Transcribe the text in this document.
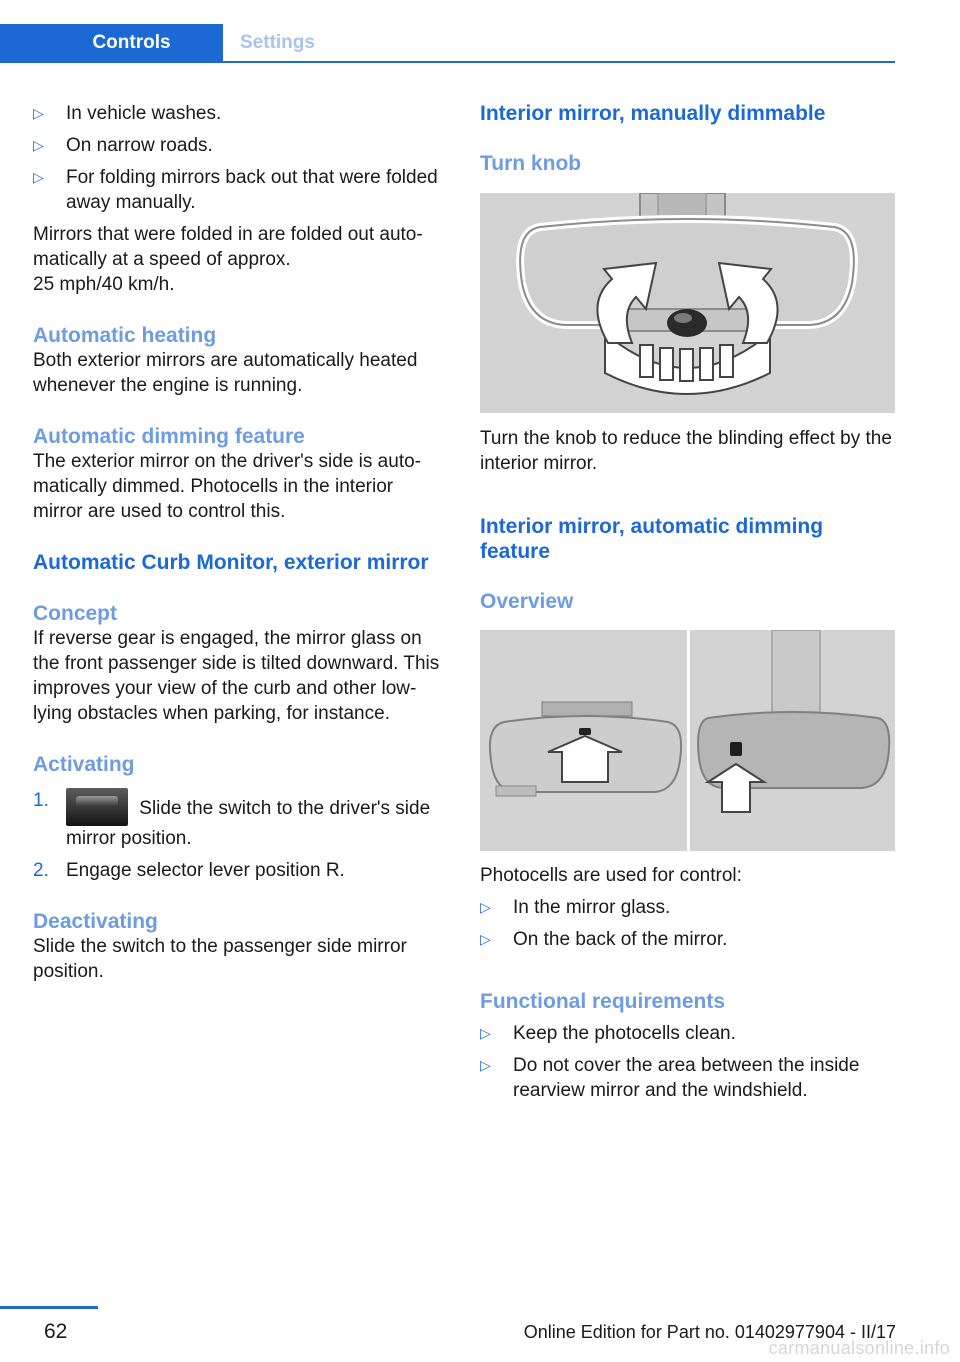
Controls	Settings
▷ In vehicle washes.
▷ On narrow roads.
▷ For folding mirrors back out that were folded away manually.

Mirrors that were folded in are folded out auto‐matically at a speed of approx.

25 mph/40 km/h.

Automatic heating

Both exterior mirrors are automatically heated whenever the engine is running.

Automatic dimming feature

The exterior mirror on the driver's side is auto‐matically dimmed. Photocells in the interior mirror are used to control this.

Automatic Curb Monitor, exterior mirror
Concept

If reverse gear is engaged, the mirror glass on the front passenger side is tilted downward. This improves your view of the curb and other low-lying obstacles when parking, for instance.

Activating
1.	Slide the switch to the driver's side mirror position.
2. Engage selector lever position R.
Deactivating

Slide the switch to the passenger side mirror position.

Interior mirror, manually dimmable
Turn knob

Turn the knob to reduce the blinding effect by the interior mirror.

Interior mirror, automatic dimming feature
Overview

Photocells are used for control:

▷ In the mirror glass.
▷ On the back of the mirror.
Functional requirements
▷ Keep the photocells clean.
▷ Do not cover the area between the inside rearview mirror and the windshield.
62	Online Edition for Part no. 01402977904 - II/17
carmanualsonline.info
